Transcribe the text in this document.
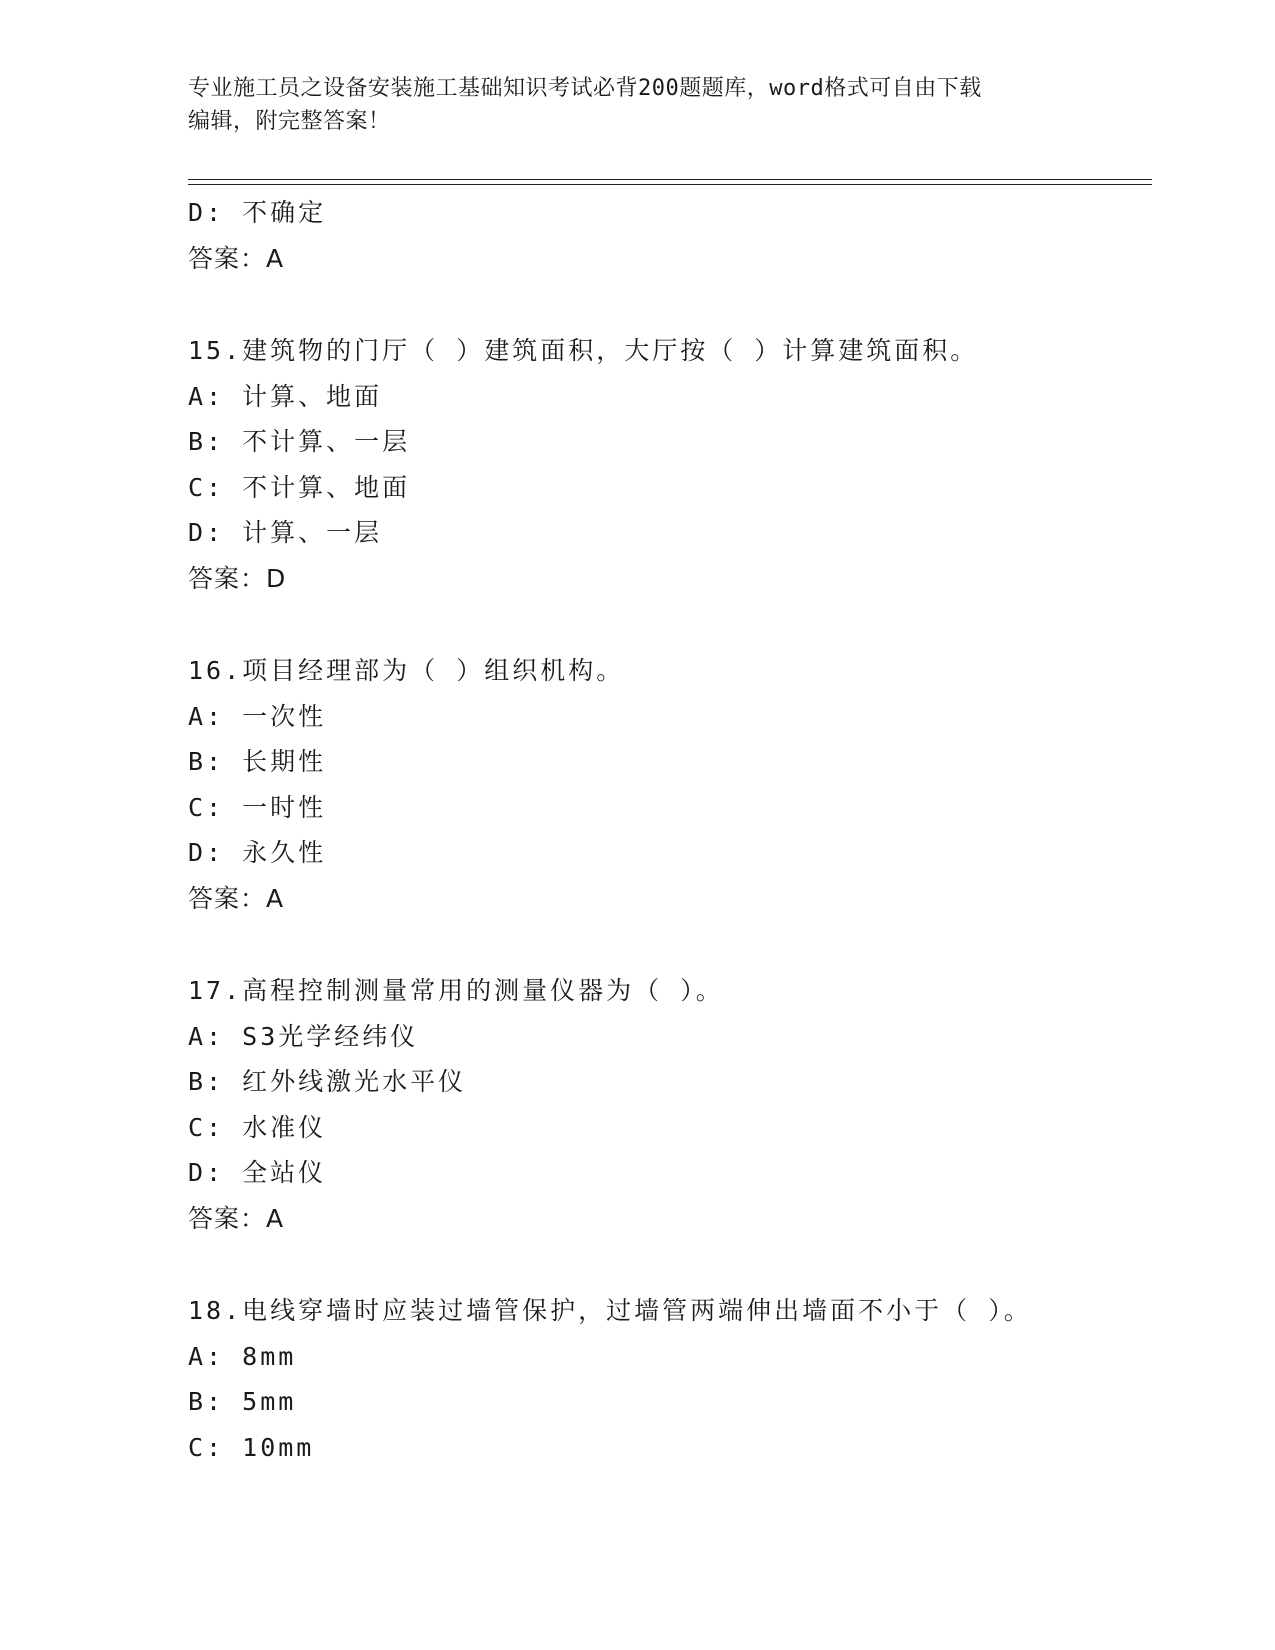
专业施工员之设备安装施工基础知识考试必背200题题库，word格式可自由下载
编辑，附完整答案！
D: 不确定
答案：A
15.建筑物的门厅（ ）建筑面积，大厅按（ ）计算建筑面积。
A: 计算、地面
B: 不计算、一层
C: 不计算、地面
D: 计算、一层
答案：D
16.项目经理部为（ ）组织机构。
A: 一次性
B: 长期性
C: 一时性
D: 永久性
答案：A
17.高程控制测量常用的测量仪器为（ ）。
A: S3光学经纬仪
B: 红外线激光水平仪
C: 水准仪
D: 全站仪
答案：A
18.电线穿墙时应装过墙管保护，过墙管两端伸出墙面不小于（ ）。
A: 8mm
B: 5mm
C: 10mm
